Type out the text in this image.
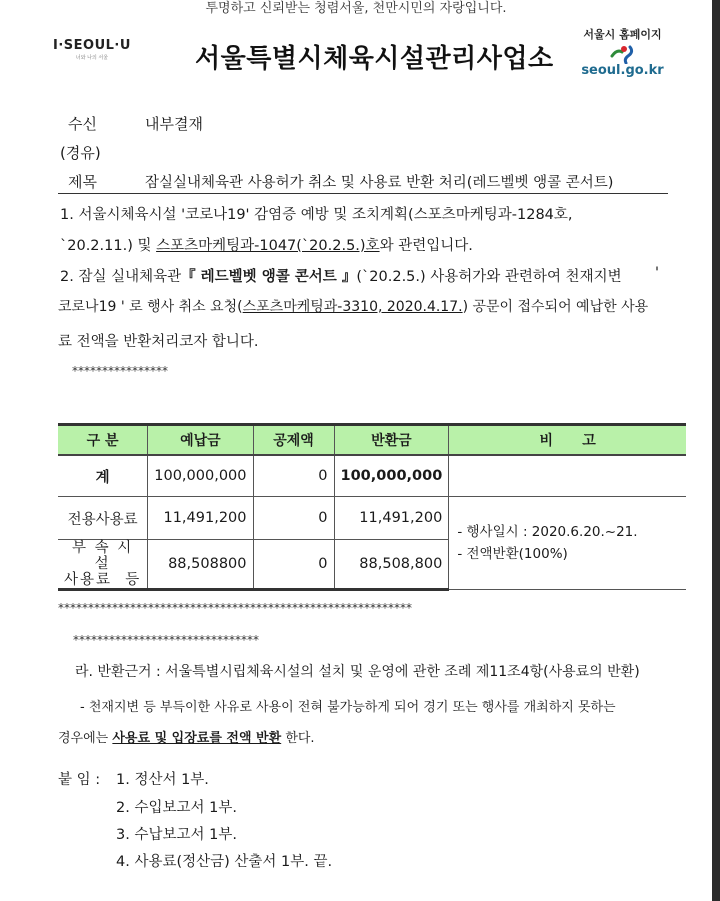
투명하고 신뢰받는 청렴서울, 천만시민의 자랑입니다.
I·SEOUL·U
너와 나의 서울	서울특별시체육시설관리사업소
서울시 홈페이지
seoul.go.kr
수신	내부결재
(경유)
제목	잠실실내체육관 사용허가 취소 및 사용료 반환 처리(레드벨벳 앵콜 콘서트)
1. 서울시체육시설 '코로나19' 감염증 예방 및 조치계획(스포츠마케팅과-1284호,
`20.2.11.) 및 스포츠마케팅과-1047(`20.2.5.)호와 관련입니다.
2. 잠실 실내체육관『 레드벨벳 앵콜 콘서트 』(`20.2.5.) 사용허가와 관련하여 천재지변 '
코로나19 ' 로 행사 취소 요청(스포츠마케팅과-3310, 2020.4.17.) 공문이 접수되어 예납한 사용
료 전액을 반환처리코자 합니다.
****************
구 분	예납금	공제액	반환금	비      고
계	100,000,000	0	100,000,000	
전용사용료	11,491,200	0	11,491,200	- 행사일시 : 2020.6.20.~21.
- 전액반환(100%)

부 속 시 설
사용료  등	88,508800	0	88,508,800	
***********************************************************
*******************************
라. 반환근거 : 서울특별시립체육시설의 설치 및 운영에 관한 조례 제11조4항(사용료의 반환)
- 천재지변 등 부득이한 사유로 사용이 전혀 불가능하게 되어 경기 또는 행사를 개최하지 못하는
경우에는 사용료 및 입장료를 전액 반환 한다.
붙 임 : 1. 정산서 1부.
2. 수입보고서 1부.
3. 수납보고서 1부.
4. 사용료(정산금) 산출서 1부. 끝.
